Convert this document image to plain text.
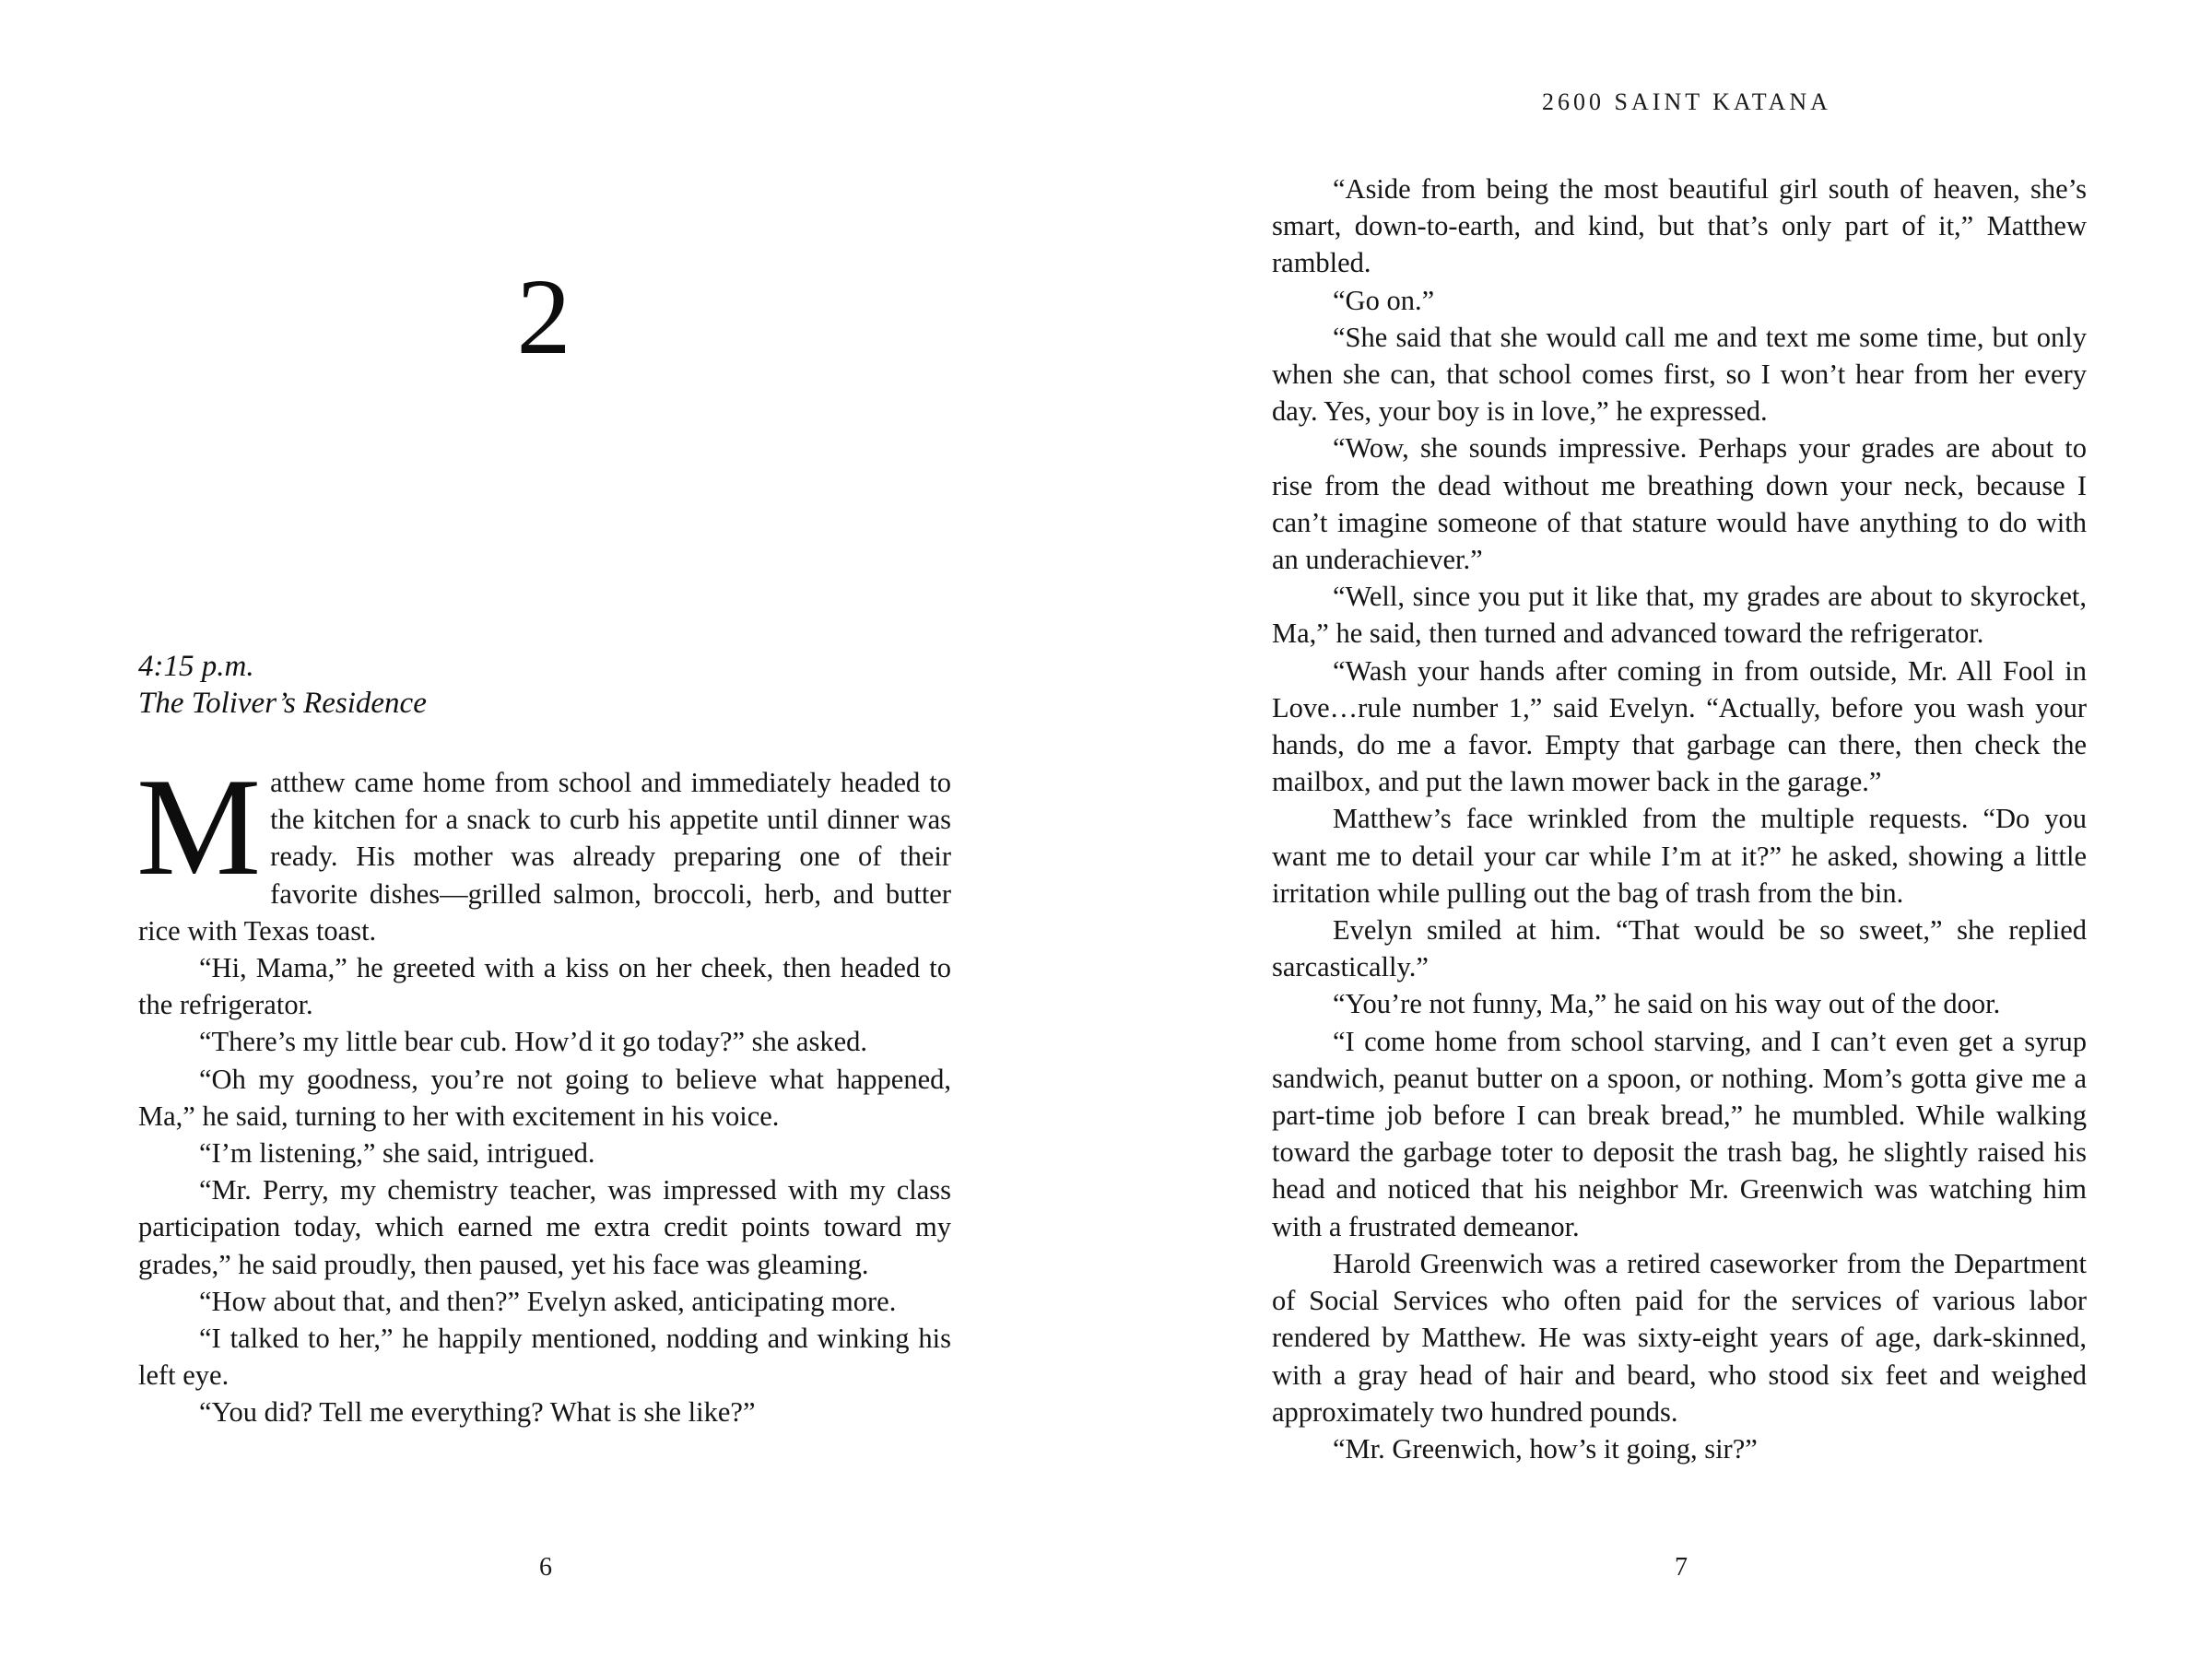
2
4:15 p.m.
The Toliver’s Residence

Matthew came home from school and immediately headed to the kitchen for a snack to curb his appetite until dinner was ready. His mother was already preparing one of their favorite dishes—grilled salmon, broccoli, herb, and butter rice with Texas toast.

“Hi, Mama,” he greeted with a kiss on her cheek, then headed to the refrigerator.

“There’s my little bear cub. How’d it go today?” she asked.

“Oh my goodness, you’re not going to believe what happened, Ma,” he said, turning to her with excitement in his voice.

“I’m listening,” she said, intrigued.

“Mr. Perry, my chemistry teacher, was impressed with my class participation today, which earned me extra credit points toward my grades,” he said proudly, then paused, yet his face was gleaming.

“How about that, and then?” Evelyn asked, anticipating more.

“I talked to her,” he happily mentioned, nodding and winking his left eye.

“You did? Tell me everything? What is she like?”

6
2600 SAINT KATANA

“Aside from being the most beautiful girl south of heaven, she’s smart, down-to-earth, and kind, but that’s only part of it,” Matthew rambled.

“Go on.”

“She said that she would call me and text me some time, but only when she can, that school comes first, so I won’t hear from her every day. Yes, your boy is in love,” he expressed.

“Wow, she sounds impressive. Perhaps your grades are about to rise from the dead without me breathing down your neck, because I can’t imagine someone of that stature would have anything to do with an underachiever.”

“Well, since you put it like that, my grades are about to skyrocket, Ma,” he said, then turned and advanced toward the refrigerator.

“Wash your hands after coming in from outside, Mr. All Fool in Love…rule number 1,” said Evelyn. “Actually, before you wash your hands, do me a favor. Empty that garbage can there, then check the mailbox, and put the lawn mower back in the garage.”

Matthew’s face wrinkled from the multiple requests. “Do you want me to detail your car while I’m at it?” he asked, showing a little irritation while pulling out the bag of trash from the bin.

Evelyn smiled at him. “That would be so sweet,” she replied sarcastically.”

“You’re not funny, Ma,” he said on his way out of the door.

“I come home from school starving, and I can’t even get a syrup sandwich, peanut butter on a spoon, or nothing. Mom’s gotta give me a part-time job before I can break bread,” he mumbled. While walking toward the garbage toter to deposit the trash bag, he slightly raised his head and noticed that his neighbor Mr. Greenwich was watching him with a frustrated demeanor.

Harold Greenwich was a retired caseworker from the Department of Social Services who often paid for the services of various labor rendered by Matthew. He was sixty-eight years of age, dark-skinned, with a gray head of hair and beard, who stood six feet and weighed approximately two hundred pounds.

“Mr. Greenwich, how’s it going, sir?”

7
